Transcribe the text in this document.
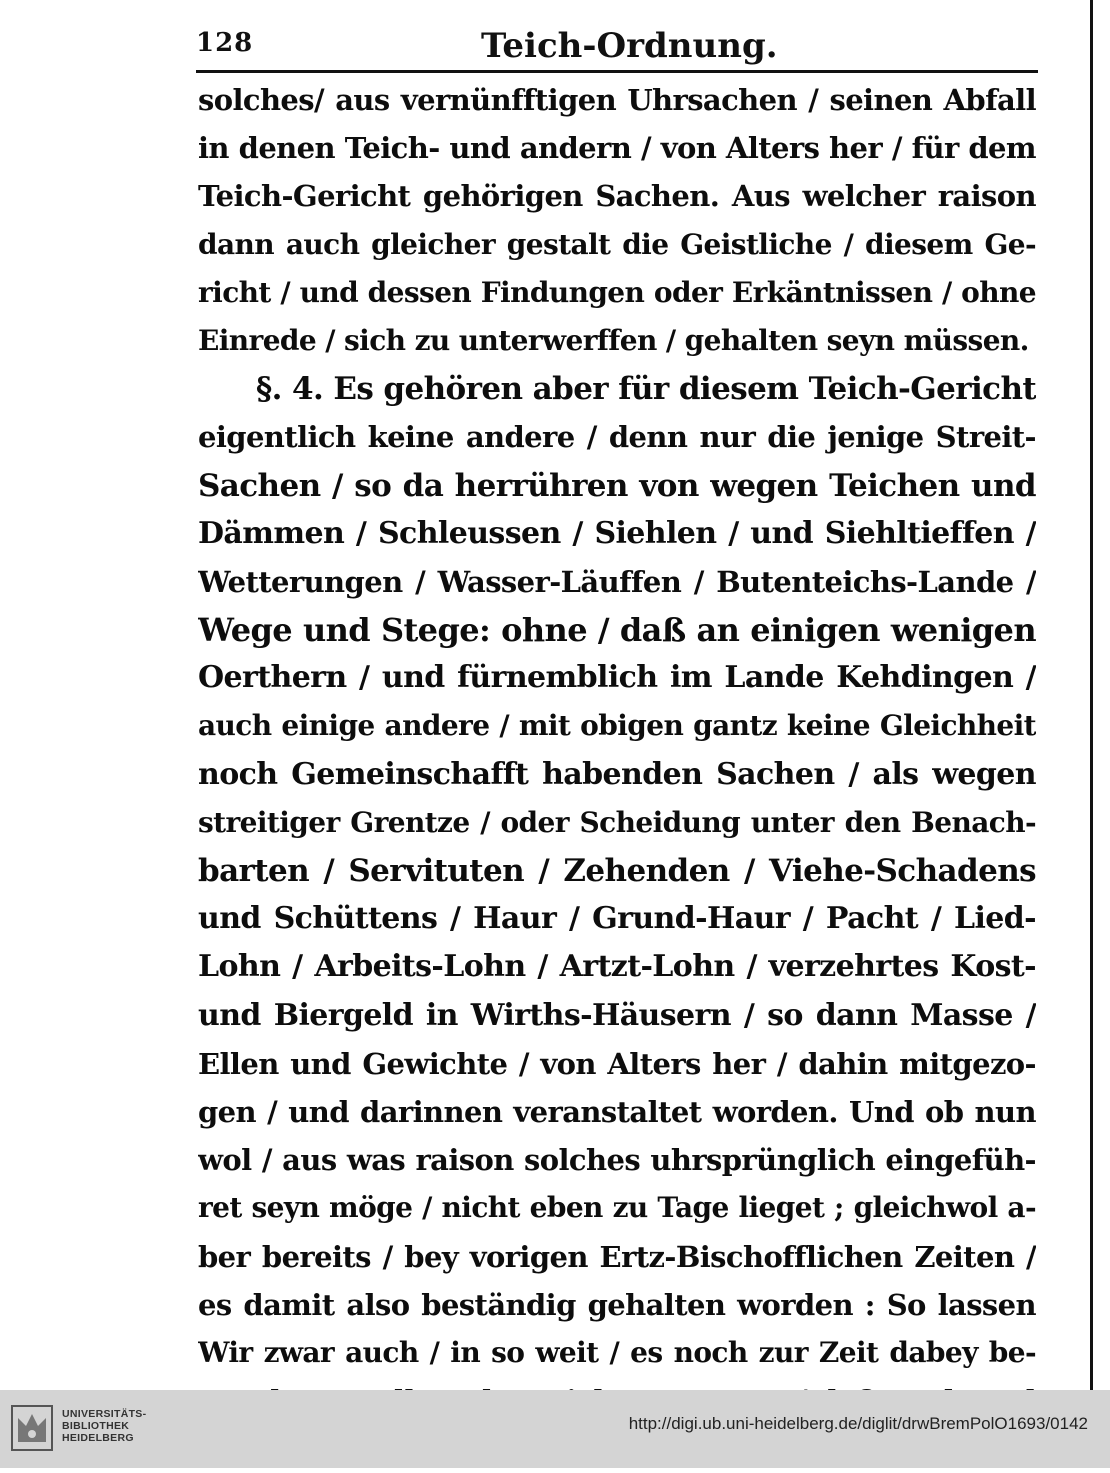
128	Teich-Ordnung.
solches/ aus vernünfftigen Uhrsachen / seinen Abfall
in denen Teich- und andern / von Alters her / für dem
Teich-Gericht gehörigen Sachen. Aus welcher raison
dann auch gleicher gestalt die Geistliche / diesem Ge-
richt / und dessen Findungen oder Erkäntnissen / ohne
Einrede / sich zu unterwerffen / gehalten seyn müssen.
§. 4. Es gehören aber für diesem Teich-Gericht
eigentlich keine andere / denn nur die jenige Streit-
Sachen / so da herrühren von wegen Teichen und
Dämmen / Schleussen / Siehlen / und Siehltieffen /
Wetterungen / Wasser-Läuffen / Butenteichs-Lande /
Wege und Stege: ohne / daß an einigen wenigen
Oerthern / und fürnemblich im Lande Kehdingen /
auch einige andere / mit obigen gantz keine Gleichheit
noch Gemeinschafft habenden Sachen / als wegen
streitiger Grentze / oder Scheidung unter den Benach-
barten / Servituten / Zehenden / Viehe-Schadens
und Schüttens / Haur / Grund-Haur / Pacht / Lied-
Lohn / Arbeits-Lohn / Artzt-Lohn / verzehrtes Kost-
und Biergeld in Wirths-Häusern / so dann Masse /
Ellen und Gewichte / von Alters her / dahin mitgezo-
gen / und darinnen veranstaltet worden. Und ob nun
wol / aus was raison solches uhrsprünglich eingefüh-
ret seyn möge / nicht eben zu Tage lieget ; gleichwol a-
ber bereits / bey vorigen Ertz-Bischofflichen Zeiten /
es damit also beständig gehalten worden : So lassen
Wir zwar auch / in so weit / es noch zur Zeit dabey be-
UNIVERSITÄTS-
BIBLIOTHEK
HEIDELBERG
http://digi.ub.uni-heidelberg.de/diglit/drwBremPolO1693/0142
